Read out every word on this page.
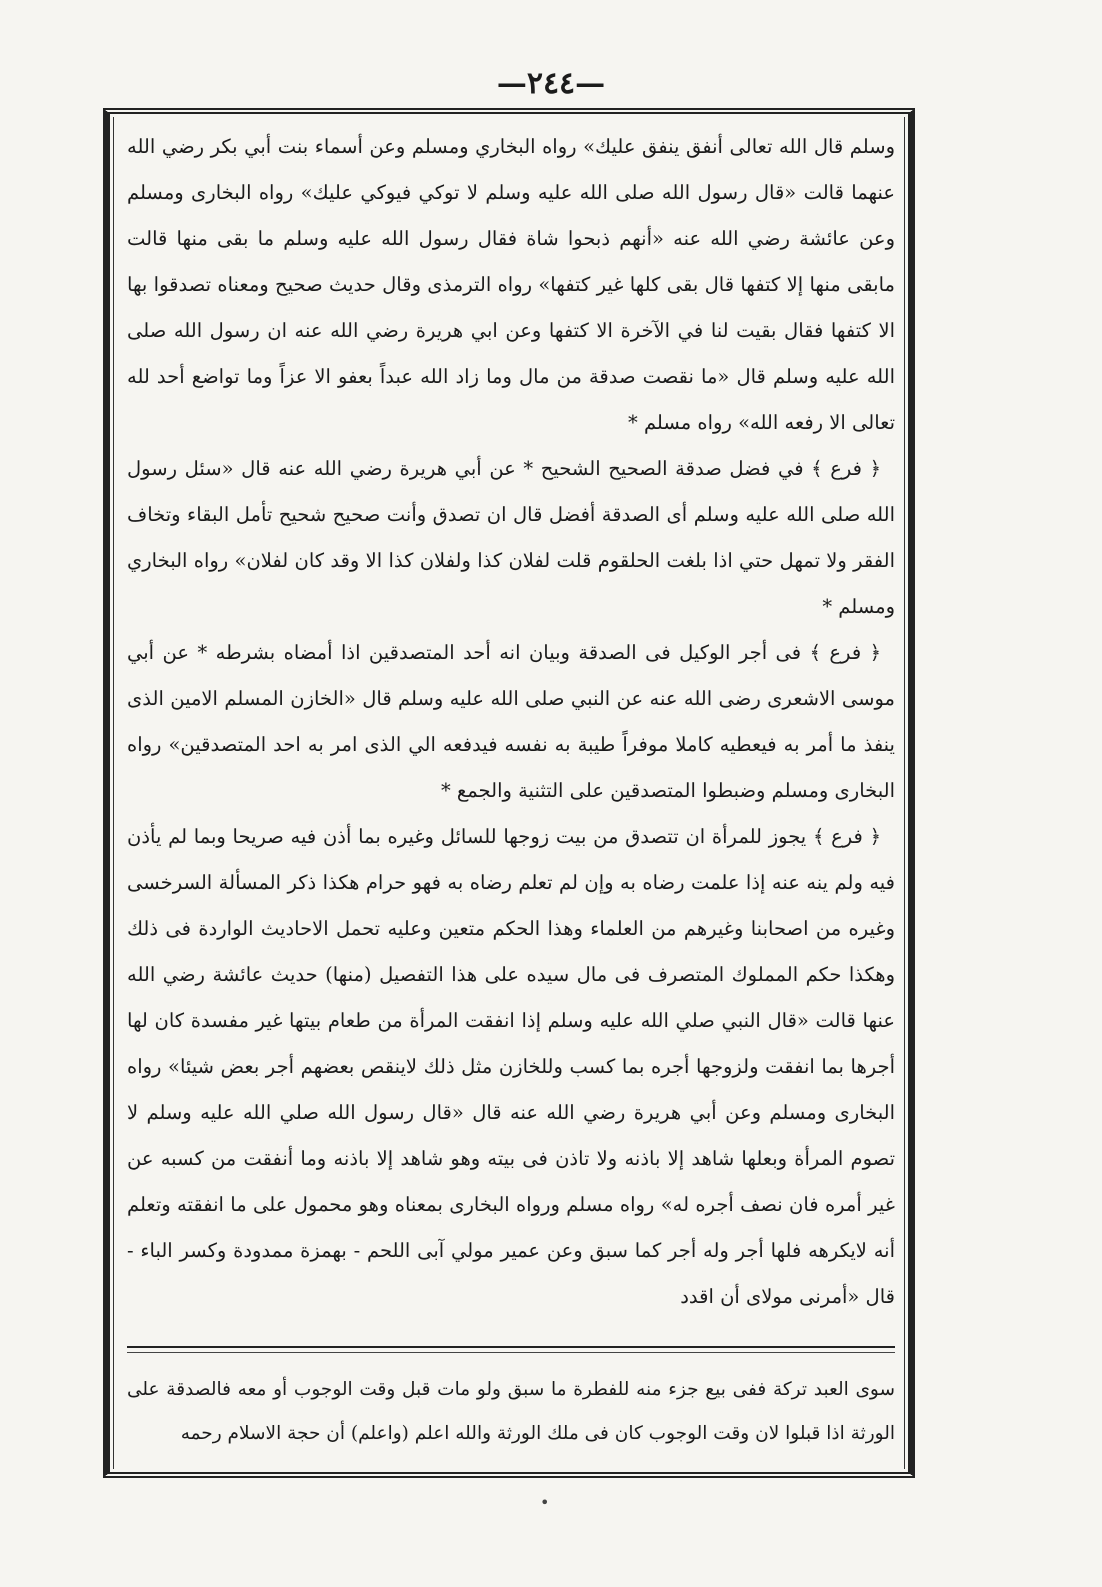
—٢٤٤—

وسلم قال الله تعالى أنفق ينفق عليك» رواه البخاري ومسلم وعن أسماء بنت أبي بكر رضي الله عنهما قالت «قال رسول الله صلى الله عليه وسلم لا توكي فيوكي عليك» رواه البخارى ومسلم وعن عائشة رضي الله عنه «أنهم ذبحوا شاة فقال رسول الله عليه وسلم ما بقى منها قالت مابقى منها إلا كتفها قال بقى كلها غير كتفها» رواه الترمذى وقال حديث صحيح ومعناه تصدقوا بها الا كتفها فقال بقيت لنا في الآخرة الا كتفها وعن ابي هريرة رضي الله عنه ان رسول الله صلى الله عليه وسلم قال «ما نقصت صدقة من مال وما زاد الله عبداً بعفو الا عزاً وما تواضع أحد لله تعالى الا رفعه الله» رواه مسلم *

﴿ فرع ﴾ في فضل صدقة الصحيح الشحيح * عن أبي هريرة رضي الله عنه قال «سئل رسول الله صلى الله عليه وسلم أى الصدقة أفضل قال ان تصدق وأنت صحيح شحيح تأمل البقاء وتخاف الفقر ولا تمهل حتي اذا بلغت الحلقوم قلت لفلان كذا ولفلان كذا الا وقد كان لفلان» رواه البخاري ومسلم *

﴿ فرع ﴾ فى أجر الوكيل فى الصدقة وبيان انه أحد المتصدقين اذا أمضاه بشرطه * عن أبي موسى الاشعرى رضى الله عنه عن النبي صلى الله عليه وسلم قال «الخازن المسلم الامين الذى ينفذ ما أمر به فيعطيه كاملا موفراً طيبة به نفسه فيدفعه الي الذى امر به احد المتصدقين» رواه البخارى ومسلم وضبطوا المتصدقين على التثنية والجمع *

﴿ فرع ﴾ يجوز للمرأة ان تتصدق من بيت زوجها للسائل وغيره بما أذن فيه صريحا وبما لم يأذن فيه ولم ينه عنه إذا علمت رضاه به وإن لم تعلم رضاه به فهو حرام هكذا ذكر المسألة السرخسى وغيره من اصحابنا وغيرهم من العلماء وهذا الحكم متعين وعليه تحمل الاحاديث الواردة فى ذلك وهكذا حكم المملوك المتصرف فى مال سيده على هذا التفصيل (منها) حديث عائشة رضي الله عنها قالت «قال النبي صلي الله عليه وسلم إذا انفقت المرأة من طعام بيتها غير مفسدة كان لها أجرها بما انفقت ولزوجها أجره بما كسب وللخازن مثل ذلك لاينقص بعضهم أجر بعض شيئا» رواه البخارى ومسلم وعن أبي هريرة رضي الله عنه قال «قال رسول الله صلي الله عليه وسلم لا تصوم المرأة وبعلها شاهد إلا باذنه ولا تاذن فى بيته وهو شاهد إلا باذنه وما أنفقت من كسبه عن غير أمره فان نصف أجره له» رواه مسلم ورواه البخارى بمعناه وهو محمول على ما انفقته وتعلم أنه لايكرهه فلها أجر وله أجر كما سبق وعن عمير مولي آبى اللحم - بهمزة ممدودة وكسر الباء - قال «أمرنى مولاى أن اقدد

سوى العبد تركة ففى بيع جزء منه للفطرة ما سبق ولو مات قبل وقت الوجوب أو معه فالصدقة على الورثة اذا قبلوا لان وقت الوجوب كان فى ملك الورثة والله اعلم (واعلم) أن حجة الاسلام رحمه

•
